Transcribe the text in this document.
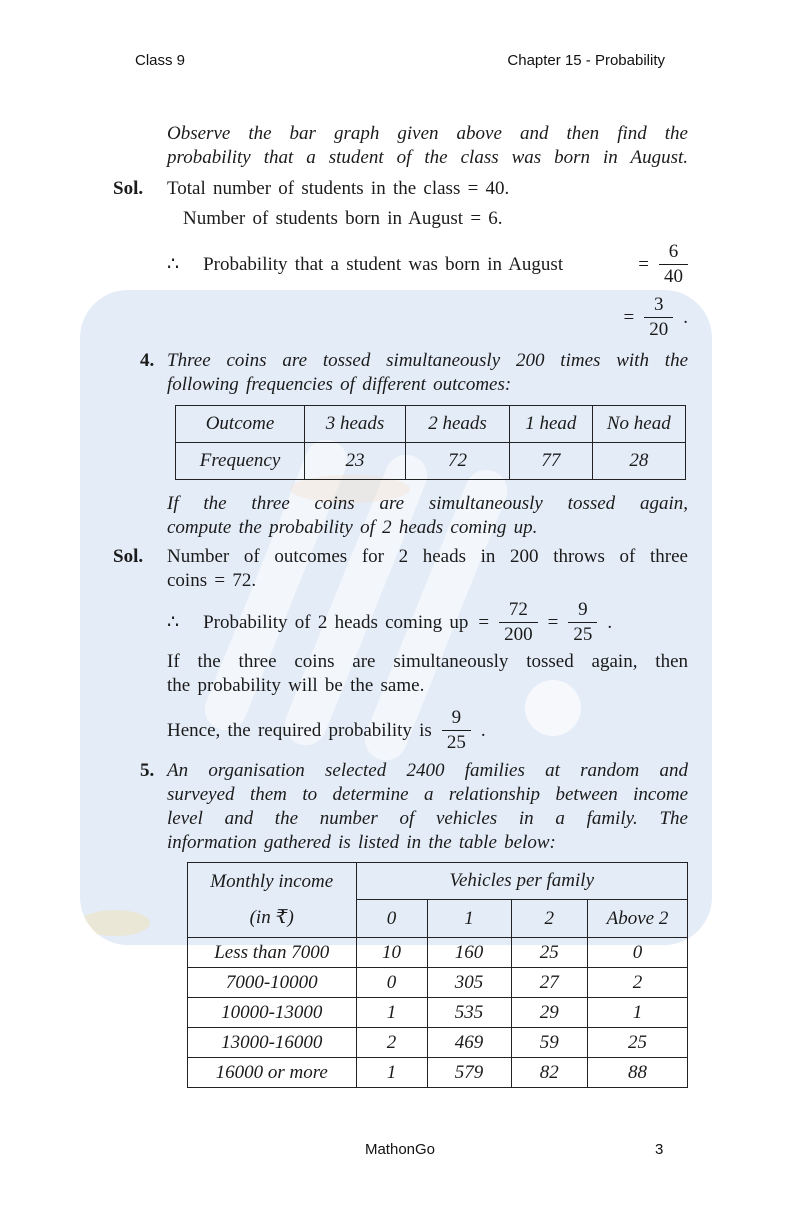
Class 9	Chapter 15 - Probability
Observe the bar graph given above and then find the
probability that a student of the class was born in August.
Sol. Total number of students in the class = 40.
Number of students born in August = 6.
∴ Probability that a student was born in August	= $\frac{6}{40}$
= $\frac{3}{20}$ .
4. Three coins are tossed simultaneously 200 times with the
following frequencies of different outcomes:
Outcome	3 heads	2 heads	1 head	No head
Frequency	23	72	77	28
If the three coins are simultaneously tossed again,
compute the probability of 2 heads coming up.
Sol. Number of outcomes for 2 heads in 200 throws of three
coins = 72.
∴ Probability of 2 heads coming up = $\frac{72}{200} = \frac{9}{25}$ .
If the three coins are simultaneously tossed again, then
the probability will be the same.
Hence, the required probability is $\frac{9}{25}$ .
5. An organisation selected 2400 families at random and
surveyed them to determine a relationship between income
level and the number of vehicles in a family. The
information gathered is listed in the table below:
Monthly income
(in ₹)	Vehicles per family			
	0	1	2	Above 2
Less than 7000	10	160	25	0
7000-10000	0	305	27	2
10000-13000	1	535	29	1
13000-16000	2	469	59	25
16000 or more	1	579	82	88
MathonGo	3
